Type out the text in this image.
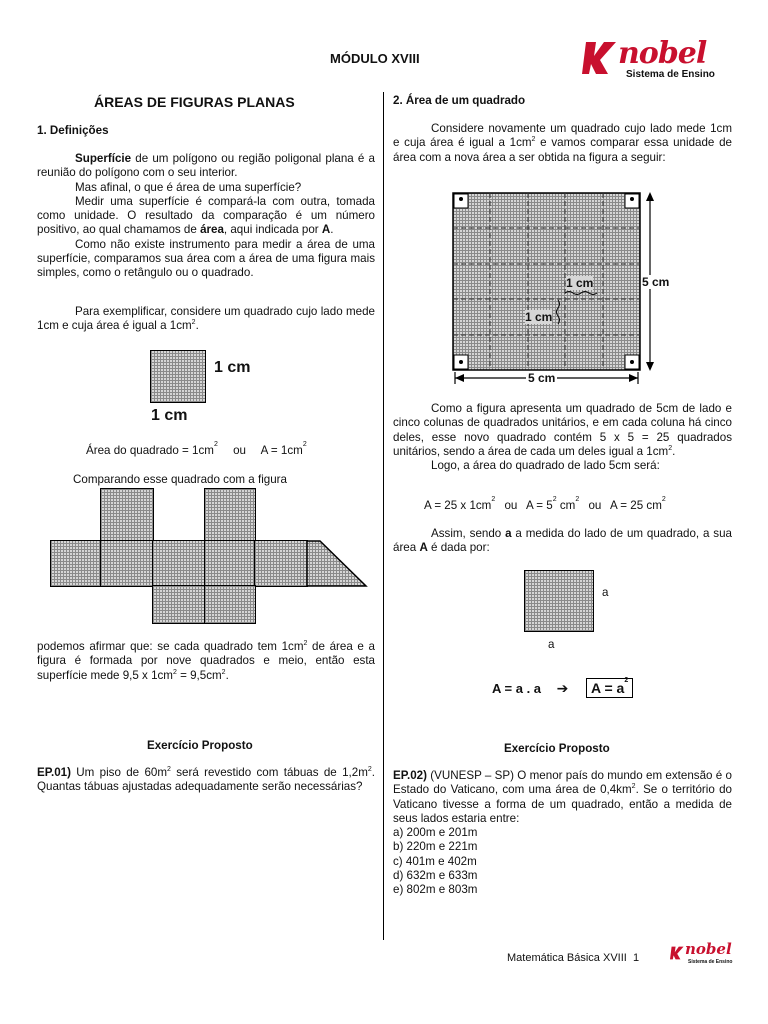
MÓDULO XVIII	nobel
Sistema de Ensino
ÁREAS DE FIGURAS PLANAS
1. Definições
Superfície de um polígono ou região poligonal plana é a reunião do polígono com o seu interior.
Mas afinal, o que é área de uma superfície?
Medir uma superfície é compará-la com outra, tomada como unidade. O resultado da comparação é um número positivo, ao qual chamamos de área, aqui indicada por A.
Como não existe instrumento para medir a área de uma superfície, comparamos sua área com a área de uma figura mais simples, como o retângulo ou o quadrado.
Para exemplificar, considere um quadrado cujo lado mede 1cm e cuja área é igual a $1cm^2$.
1 cm
1 cm
Área do quadrado = $1cm^2$ ou $A = 1cm^2$
Comparando esse quadrado com a figura
podemos afirmar que: se cada quadrado tem $1cm^2$ de área e a figura é formada por nove quadrados e meio, então esta superfície mede 9,5 x $1cm^2 = 9,5cm^2$.
Exercício Proposto
EP.01) Um piso de $60m^2$ será revestido com tábuas de $1,2m^2$. Quantas tábuas ajustadas adequadamente serão necessárias?
2. Área de um quadrado
Considere novamente um quadrado cujo lado mede 1cm e cuja área é igual a $1cm^2$ e vamos comparar essa unidade de área com a nova área a ser obtida na figura a seguir:
1 cm
1 cm
5 cm
5 cm
Como a figura apresenta um quadrado de 5cm de lado e cinco colunas de quadrados unitários, e em cada coluna há cinco deles, esse novo quadrado contém 5 x 5 = 25 quadrados unitários, sendo a área de cada um deles igual a $1cm^2$.
Logo, a área do quadrado de lado 5cm será:
A = 25 x $1cm^2$ ou $A = 5^2$ $cm^2$ ou A = 25 $cm^2$
Assim, sendo a a medida do lado de um quadrado, a sua área A é dada por:
a
a
A = a . a ➔ $A = a^2$
Exercício Proposto
EP.02) (VUNESP – SP) O menor país do mundo em extensão é o Estado do Vaticano, com uma área de $0,4km^2$. Se o território do Vaticano tivesse a forma de um quadrado, então a medida de seus lados estaria entre:
a) 200m e 201m
b) 220m e 221m
c) 401m e 402m
d) 632m e 633m
e) 802m e 803m
Matemática Básica XVIII 1	nobel
Sistema de Ensino
